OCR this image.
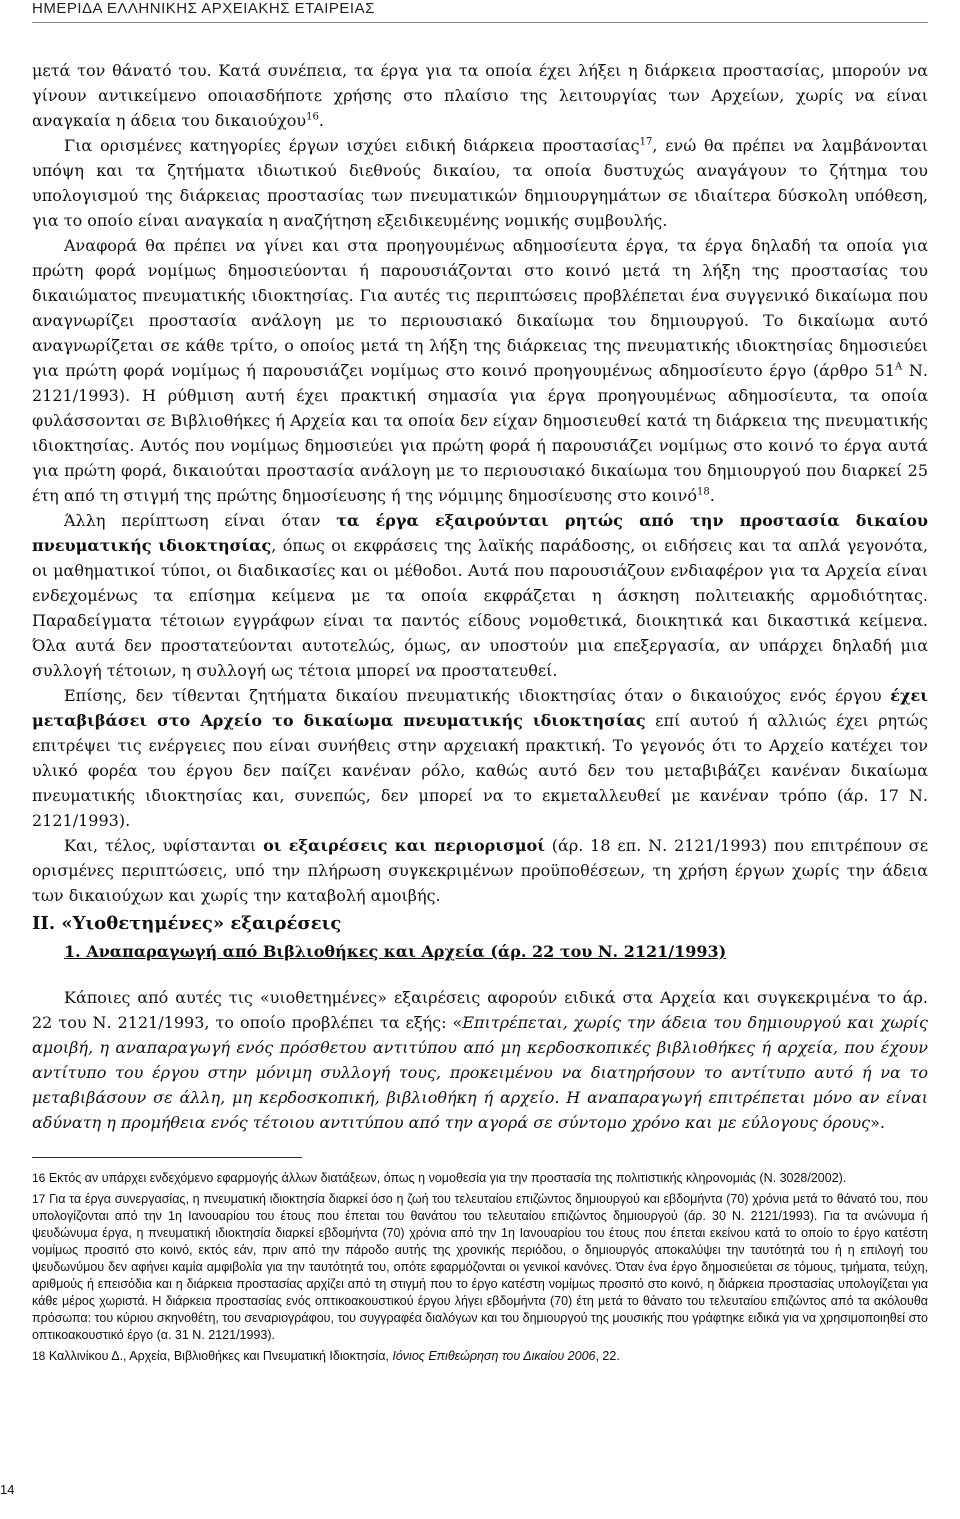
ΗΜΕΡΙΔΑ ΕΛΛΗΝΙΚΗΣ ΑΡΧΕΙΑΚΗΣ ΕΤΑΙΡΕΙΑΣ

μετά τον θάνατό του. Κατά συνέπεια, τα έργα για τα οποία έχει λήξει η διάρκεια προστασίας, μπορούν να γίνουν αντικείμενο οποιασδήποτε χρήσης στο πλαίσιο της λειτουργίας των Αρχείων, χωρίς να είναι αναγκαία η άδεια του δικαιούχου$^{16}$.

Για ορισμένες κατηγορίες έργων ισχύει ειδική διάρκεια προστασίας$^{17}$, ενώ θα πρέπει να λαμβάνονται υπόψη και τα ζητήματα ιδιωτικού διεθνούς δικαίου, τα οποία δυστυχώς αναγάγουν το ζήτημα του υπολογισμού της διάρκειας προστασίας των πνευματικών δημιουργημάτων σε ιδιαίτερα δύσκολη υπόθεση, για το οποίο είναι αναγκαία η αναζήτηση εξειδικευμένης νομικής συμβουλής.

Αναφορά θα πρέπει να γίνει και στα προηγουμένως αδημοσίευτα έργα, τα έργα δηλαδή τα οποία για πρώτη φορά νομίμως δημοσιεύονται ή παρουσιάζονται στο κοινό μετά τη λήξη της προστασίας του δικαιώματος πνευματικής ιδιοκτησίας. Για αυτές τις περιπτώσεις προβλέπεται ένα συγγενικό δικαίωμα που αναγνωρίζει προστασία ανάλογη με το περιουσιακό δικαίωμα του δημιουργού. Το δικαίωμα αυτό αναγνωρίζεται σε κάθε τρίτο, ο οποίος μετά τη λήξη της διάρκειας της πνευματικής ιδιοκτησίας δημοσιεύει για πρώτη φορά νομίμως ή παρουσιάζει νομίμως στο κοινό προηγουμένως αδημοσίευτο έργο (άρθρο $51^A$ Ν. 2121/1993). Η ρύθμιση αυτή έχει πρακτική σημασία για έργα προηγουμένως αδημοσίευτα, τα οποία φυλάσσονται σε Βιβλιοθήκες ή Αρχεία και τα οποία δεν είχαν δημοσιευθεί κατά τη διάρκεια της πνευματικής ιδιοκτησίας. Αυτός που νομίμως δημοσιεύει για πρώτη φορά ή παρουσιάζει νομίμως στο κοινό το έργα αυτά για πρώτη φορά, δικαιούται προστασία ανάλογη με το περιουσιακό δικαίωμα του δημιουργού που διαρκεί 25 έτη από τη στιγμή της πρώτης δημοσίευσης ή της νόμιμης δημοσίευσης στο κοινό$^{18}$.

Άλλη περίπτωση είναι όταν τα έργα εξαιρούνται ρητώς από την προστασία δικαίου πνευματικής ιδιοκτησίας, όπως οι εκφράσεις της λαϊκής παράδοσης, οι ειδήσεις και τα απλά γεγονότα, οι μαθηματικοί τύποι, οι διαδικασίες και οι μέθοδοι. Αυτά που παρουσιάζουν ενδιαφέρον για τα Αρχεία είναι ενδεχομένως τα επίσημα κείμενα με τα οποία εκφράζεται η άσκηση πολιτειακής αρμοδιότητας. Παραδείγματα τέτοιων εγγράφων είναι τα παντός είδους νομοθετικά, διοικητικά και δικαστικά κείμενα. Όλα αυτά δεν προστατεύονται αυτοτελώς, όμως, αν υποστούν μια επεξεργασία, αν υπάρχει δηλαδή μια συλλογή τέτοιων, η συλλογή ως τέτοια μπορεί να προστατευθεί.

Επίσης, δεν τίθενται ζητήματα δικαίου πνευματικής ιδιοκτησίας όταν ο δικαιούχος ενός έργου έχει μεταβιβάσει στο Αρχείο το δικαίωμα πνευματικής ιδιοκτησίας επί αυτού ή αλλιώς έχει ρητώς επιτρέψει τις ενέργειες που είναι συνήθεις στην αρχειακή πρακτική. Το γεγονός ότι το Αρχείο κατέχει τον υλικό φορέα του έργου δεν παίζει κανέναν ρόλο, καθώς αυτό δεν του μεταβιβάζει κανέναν δικαίωμα πνευματικής ιδιοκτησίας και, συνεπώς, δεν μπορεί να το εκμεταλλευθεί με κανέναν τρόπο (άρ. 17 Ν. 2121/1993).

Και, τέλος, υφίστανται οι εξαιρέσεις και περιορισμοί (άρ. 18 επ. Ν. 2121/1993) που επιτρέπουν σε ορισμένες περιπτώσεις, υπό την πλήρωση συγκεκριμένων προϋποθέσεων, τη χρήση έργων χωρίς την άδεια των δικαιούχων και χωρίς την καταβολή αμοιβής.

ΙΙ. «Υιοθετημένες» εξαιρέσεις
1. Αναπαραγωγή από Βιβλιοθήκες και Αρχεία (άρ. 22 του Ν. 2121/1993)

Κάποιες από αυτές τις «υιοθετημένες» εξαιρέσεις αφορούν ειδικά στα Αρχεία και συγκεκριμένα το άρ. 22 του Ν. 2121/1993, το οποίο προβλέπει τα εξής: «Επιτρέπεται, χωρίς την άδεια του δημιουργού και χωρίς αμοιβή, η αναπαραγωγή ενός πρόσθετου αντιτύπου από μη κερδοσκοπικές βιβλιοθήκες ή αρχεία, που έχουν αντίτυπο του έργου στην μόνιμη συλλογή τους, προκειμένου να διατηρήσουν το αντίτυπο αυτό ή να το μεταβιβάσουν σε άλλη, μη κερδοσκοπική, βιβλιοθήκη ή αρχείο. Η αναπαραγωγή επιτρέπεται μόνο αν είναι αδύνατη η προμήθεια ενός τέτοιου αντιτύπου από την αγορά σε σύντομο χρόνο και με εύλογους όρους».

16 Εκτός αν υπάρχει ενδεχόμενο εφαρμογής άλλων διατάξεων, όπως η νομοθεσία για την προστασία της πολιτιστικής κληρονομιάς (Ν. 3028/2002).

17 Για τα έργα συνεργασίας, η πνευματική ιδιοκτησία διαρκεί όσο η ζωή του τελευταίου επιζώντος δημιουργού και εβδομήντα (70) χρόνια μετά το θάνατό του, που υπολογίζονται από την 1η Ιανουαρίου του έτους που έπεται του θανάτου του τελευταίου επιζώντος δημιουργού (άρ. 30 Ν. 2121/1993). Για τα ανώνυμα ή ψευδώνυμα έργα, η πνευματική ιδιοκτησία διαρκεί εβδομήντα (70) χρόνια από την 1η Ιανουαρίου του έτους που έπεται εκείνου κατά το οποίο το έργο κατέστη νομίμως προσιτό στο κοινό, εκτός εάν, πριν από την πάροδο αυτής της χρονικής περιόδου, ο δημιουργός αποκαλύψει την ταυτότητά του ή η επιλογή του ψευδωνύμου δεν αφήνει καμία αμφιβολία για την ταυτότητά του, οπότε εφαρμόζονται οι γενικοί κανόνες. Όταν ένα έργο δημοσιεύεται σε τόμους, τμήματα, τεύχη, αριθμούς ή επεισόδια και η διάρκεια προστασίας αρχίζει από τη στιγμή που το έργο κατέστη νομίμως προσιτό στο κοινό, η διάρκεια προστασίας υπολογίζεται για κάθε μέρος χωριστά. Η διάρκεια προστασίας ενός οπτικοακουστικού έργου λήγει εβδομήντα (70) έτη μετά το θάνατο του τελευταίου επιζώντος από τα ακόλουθα πρόσωπα: του κύριου σκηνοθέτη, του σεναριογράφου, του συγγραφέα διαλόγων και του δημιουργού της μουσικής που γράφτηκε ειδικά για να χρησιμοποιηθεί στο οπτικοακουστικό έργο (α. 31 Ν. 2121/1993).

18 Καλλινίκου Δ., Αρχεία, Βιβλιοθήκες και Πνευματική Ιδιοκτησία, Ιόνιος Επιθεώρηση του Δικαίου 2006, 22.

14
